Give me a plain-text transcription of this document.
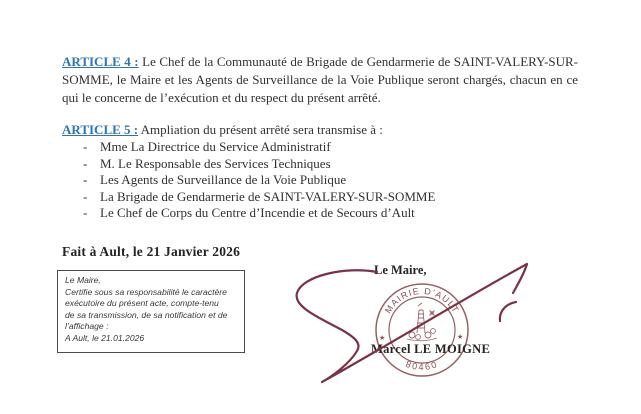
ARTICLE 4 : Le Chef de la Communauté de Brigade de Gendarmerie de SAINT-VALERY-SUR-SOMME, le Maire et les Agents de Surveillance de la Voie Publique seront chargés, chacun en ce qui le concerne de l’exécution et du respect du présent arrêté.

ARTICLE 5 : Ampliation du présent arrêté sera transmise à :
- Mme La Directrice du Service Administratif
- M. Le Responsable des Services Techniques
- Les Agents de Surveillance de la Voie Publique
- La Brigade de Gendarmerie de SAINT-VALERY-SUR-SOMME
- Le Chef de Corps du Centre d’Incendie et de Secours d’Ault
Fait à Ault, le 21 Janvier 2026
Le Maire,
Certifie sous sa responsabilité le caractère
exécutoire du présent acte, compte-tenu
de sa transmission, de sa notification et de
l’affichage :
A Ault, le 21.01.2026
Le Maire,
Marcel LE MOIGNE
MAIRIE D’AULT
80460
★	★
